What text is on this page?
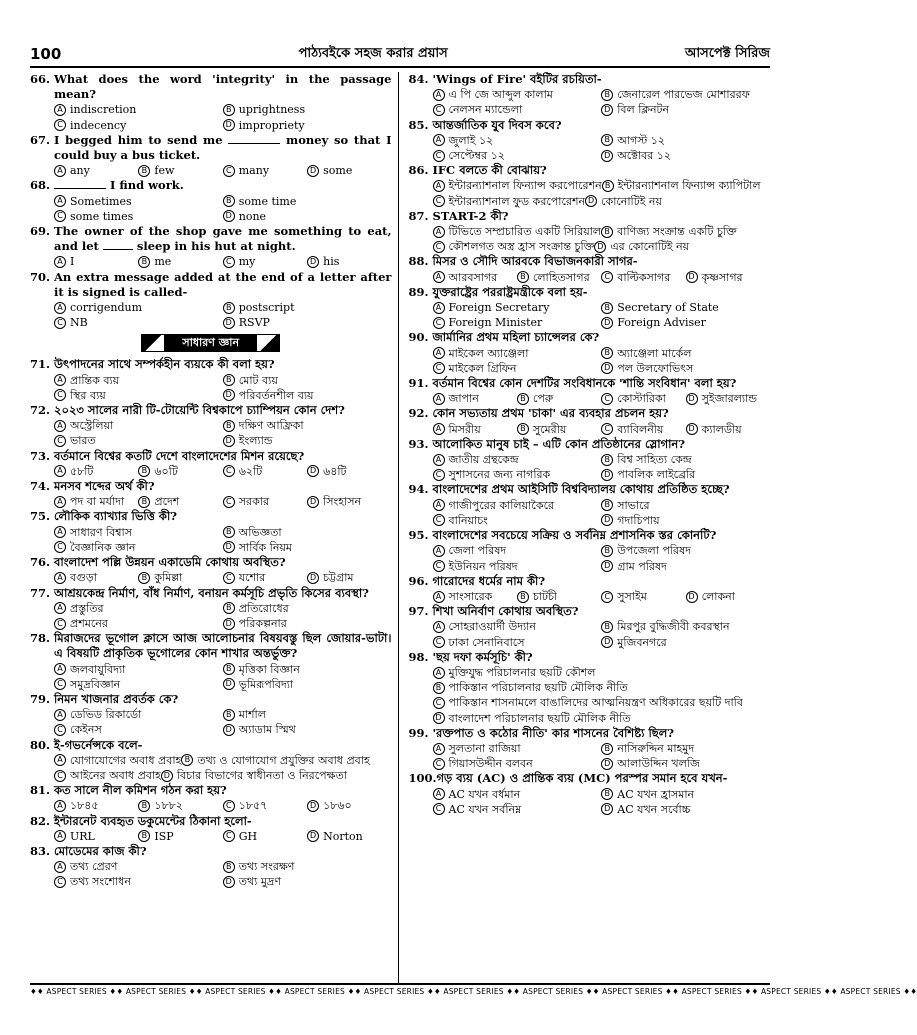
100	পাঠ্যবইকে সহজ করার প্রয়াস	আসপেক্ট সিরিজ
66. What does the word 'integrity' in the passage mean?
A indiscretion	B uprightness
C indecency	D impropriety
67. I begged him to send me	money so that I could buy a bus ticket.
A any	B few	C many	D some
68.	I find work.
A Sometimes	B some time
C some times	D none
69. The owner of the shop gave me something to eat, and let	sleep in his hut at night.
A I	B me	C my	D his
70. An extra message added at the end of a letter after it is signed is called-
A corrigendum	B postscript
C NB	D RSVP
সাধারণ জ্ঞান
71. উৎপাদনের সাথে সম্পর্কহীন ব্যয়কে কী বলা হয়?
A প্রান্তিক ব্যয়	B মোট ব্যয়
C স্থির ব্যয়	D পরিবর্তনশীল ব্যয়
72. ২০২৩ সালের নারী টি-টোয়েন্টি বিশ্বকাপে চ্যাম্পিয়ন কোন দেশ?
A অস্ট্রেলিয়া	B দক্ষিণ আফ্রিকা
C ভারত	D ইংল্যান্ড
73. বর্তমানে বিশ্বের কতটি দেশে বাংলাদেশের মিশন রয়েছে?
A ৫৮টি	B ৬০টি	C ৬২টি	D ৬৪টি
74. মনসব শব্দের অর্থ কী?
A পদ বা মর্যাদা	B প্রদেশ	C সরকার	D সিংহাসন
75. লৌকিক ব্যাখ্যার ভিত্তি কী?
A সাধারণ বিশ্বাস	B অভিজ্ঞতা
C বৈজ্ঞানিক জ্ঞান	D সার্বিক নিয়ম
76. বাংলাদেশ পল্লি উন্নয়ন একাডেমি কোথায় অবস্থিত?
A বগুড়া	B কুমিল্লা	C যশোর	D চট্টগ্রাম
77. আশ্রয়কেন্দ্র নির্মাণ, বাঁধ নির্মাণ, বনায়ন কর্মসূচি প্রভৃতি কিসের ব্যবস্থা?
A প্রস্তুতির	B প্রতিরোধের
C প্রশমনের	D পরিকল্পনার
78. মিরাজদের ভূগোল ক্লাসে আজ আলোচনার বিষয়বস্তু ছিল জোয়ার-ভাটা। এ বিষয়টি প্রাকৃতিক ভূগোলের কোন শাখার অন্তর্ভুক্ত?
A জলবায়ুবিদ্যা	B মৃত্তিকা বিজ্ঞান
C সমুদ্রবিজ্ঞান	D ভূমিরূপবিদ্যা
79. নিমন খাজনার প্রবর্তক কে?
A ডেভিড রিকার্ডো	B মার্শাল
C কেইনস	D অ্যাডাম স্মিথ
80. ই-গভর্নেন্সকে বলে-
A যোগাযোগের অবাধ প্রবাহ B তথ্য ও যোগাযোগ প্রযুক্তির অবাধ প্রবাহ
C আইনের অবাধ প্রবাহ D বিচার বিভাগের স্বাধীনতা ও নিরপেক্ষতা
81. কত সালে নীল কমিশন গঠন করা হয়?
A ১৮৪৫	B ১৮৮২	C ১৮৫৭	D ১৮৬০
82. ইন্টারনেট ব্যবহৃত ডকুমেন্টের ঠিকানা হলো-
A URL	B ISP	C GH	D Norton
83. মোডেমের কাজ কী?
A তথ্য প্রেরণ	B তথ্য সংরক্ষণ
C তথ্য সংশোধন	D তথ্য মুদ্রণ
84. 'Wings of Fire' বইটির রচয়িতা-
A এ পি জে আব্দুল কালাম	B জেনারেল পারভেজ মোশাররফ
C নেলসন ম্যান্ডেলা	D বিল ক্লিনটন
85. আন্তর্জাতিক যুব দিবস কবে?
A জুলাই ১২	B আগস্ট ১২
C সেপ্টেম্বর ১২	D অক্টোবর ১২
86. IFC বলতে কী বোঝায়?
A ইন্টারন্যাশনাল ফিন্যান্স করপোরেশন B ইন্টারন্যাশনাল ফিন্যান্স ক্যাপিটাল
C ইন্টারন্যাশনাল ফুড করপোরেশন D কোনোটিই নয়
87. START-2 কী?
A টিভিতে সম্প্রচারিত একটি সিরিয়াল B বাণিজ্য সংক্রান্ত একটি চুক্তি
C কৌশলগত অস্ত্র হ্রাস সংক্রান্ত চুক্তি D এর কোনোটিই নয়
88. মিসর ও সৌদি আরবকে বিভাজনকারী সাগর-
A আরবসাগর	B লোহিতসাগর	C বাল্টিকসাগর	D কৃষ্ণসাগর
89. যুক্তরাষ্ট্রের পররাষ্ট্রমন্ত্রীকে বলা হয়-
A Foreign Secretary	B Secretary of State
C Foreign Minister	D Foreign Adviser
90. জার্মানির প্রথম মহিলা চ্যান্সেলর কে?
A মাইকেল অ্যাঞ্জেলা	B অ্যাঞ্জেলা মার্কেল
C মাইকেল গ্রিফিন	D পল উলফোভিৎস
91. বর্তমান বিশ্বের কোন দেশটির সংবিধানকে 'শান্তি সংবিধান' বলা হয়?
A জাপান	B পেরু	C কোস্টারিকা	D সুইজারল্যান্ড
92. কোন সভ্যতায় প্রথম 'চাকা' এর ব্যবহার প্রচলন হয়?
A মিসরীয়	B সুমেরীয়	C ব্যাবিলনীয়	D ক্যালডীয়
93. আলোকিত মানুষ চাই – এটি কোন প্রতিষ্ঠানের স্লোগান?
A জাতীয় গ্রন্থকেন্দ্র	B বিশ্ব সাহিত্য কেন্দ্র
C সুশাসনের জন্য নাগরিক	D পাবলিক লাইব্রেরি
94. বাংলাদেশের প্রথম আইসিটি বিশ্ববিদ্যালয় কোথায় প্রতিষ্ঠিত হচ্ছে?
A গাজীপুরের কালিয়াকৈরে	B সাভারে
C বানিয়াচং	D গদাচিপায়
95. বাংলাদেশের সবচেয়ে সক্রিয় ও সর্বনিম্ন প্রশাসনিক স্তর কোনটি?
A জেলা পরিষদ	B উপজেলা পরিষদ
C ইউনিয়ন পরিষদ	D গ্রাম পরিষদ
96. গারোদের ধর্মের নাম কী?
A সাংসারেক	B চাটচী	C সুসাইম	D লোকনা
97. শিখা অনির্বাণ কোথায় অবস্থিত?
A সোহরাওয়ার্দী উদ্যান	B মিরপুর বুদ্ধিজীবী কবরস্থান
C ঢাকা সেনানিবাসে	D মুজিবনগরে
98. 'ছয় দফা কর্মসূচি' কী?
A মুক্তিযুদ্ধ পরিচালনার ছয়টি কৌশল
B পাকিস্তান পরিচালনার ছয়টি মৌলিক নীতি
C পাকিস্তান শাসনামলে বাঙালিদের আত্মনিয়ন্ত্রণ অধিকারের ছয়টি দাবি
D বাংলাদেশ পরিচালনার ছয়টি মৌলিক নীতি
99. 'রক্তপাত ও কঠোর নীতি' কার শাসনের বৈশিষ্ট্য ছিল?
A সুলতানা রাজিয়া	B নাসিরুদ্দিন মাহমুদ
C গিয়াসউদ্দীন বলবন	D আলাউদ্দিন খলজি
100. গড় ব্যয় (AC) ও প্রান্তিক ব্যয় (MC) পরস্পর সমান হবে যখন-
A AC যখন বর্ধমান	B AC যখন হ্রাসমান
C AC যখন সর্বনিম্ন	D AC যখন সর্বোচ্চ
♦♦ ASPECT SERIES ♦♦ ASPECT SERIES ♦♦ ASPECT SERIES ♦♦ ASPECT SERIES ♦♦ ASPECT SERIES ♦♦ ASPECT SERIES ♦♦ ASPECT SERIES ♦♦ ASPECT SERIES ♦♦ ASPECT SERIES ♦♦ ASPECT SERIES ♦♦ ASPECT SERIES ♦♦
